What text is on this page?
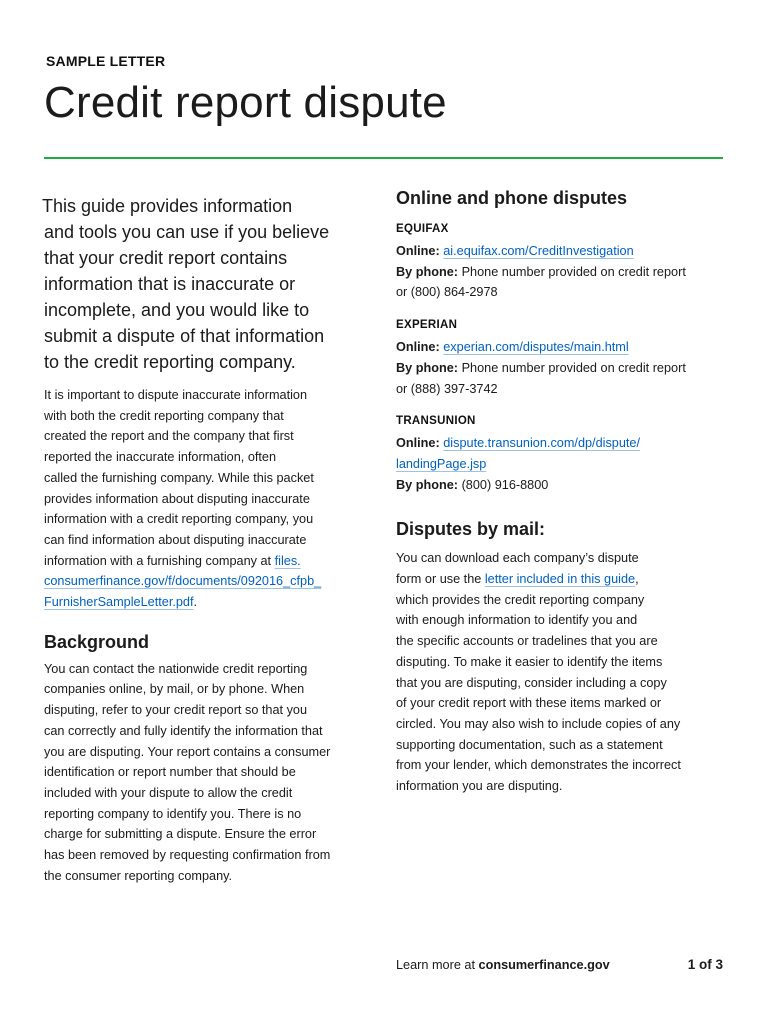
SAMPLE LETTER
Credit report dispute

This guide provides information
and tools you can use if you believe
that your credit report contains
information that is inaccurate or
incomplete, and you would like to
submit a dispute of that information
to the credit reporting company.

It is important to dispute inaccurate information
with both the credit reporting company that
created the report and the company that first
reported the inaccurate information, often
called the furnishing company. While this packet
provides information about disputing inaccurate
information with a credit reporting company, you
can find information about disputing inaccurate
information with a furnishing company at files.
consumerfinance.gov/f/documents/092016_cfpb_
FurnisherSampleLetter.pdf.

Background

You can contact the nationwide credit reporting
companies online, by mail, or by phone. When
disputing, refer to your credit report so that you
can correctly and fully identify the information that
you are disputing. Your report contains a consumer
identification or report number that should be
included with your dispute to allow the credit
reporting company to identify you. There is no
charge for submitting a dispute. Ensure the error
has been removed by requesting confirmation from
the consumer reporting company.

Online and phone disputes

EQUIFAX

Online: ai.equifax.com/CreditInvestigation

By phone: Phone number provided on credit report

or (800) 864-2978

EXPERIAN

Online: experian.com/disputes/main.html

By phone: Phone number provided on credit report

or (888) 397-3742

TRANSUNION

Online: dispute.transunion.com/dp/dispute/

landingPage.jsp

By phone: (800) 916-8800

Disputes by mail:

You can download each company’s dispute
form or use the letter included in this guide,
which provides the credit reporting company
with enough information to identify you and
the specific accounts or tradelines that you are
disputing. To make it easier to identify the items
that you are disputing, consider including a copy
of your credit report with these items marked or
circled. You may also wish to include copies of any
supporting documentation, such as a statement
from your lender, which demonstrates the incorrect
information you are disputing.

Learn more at consumerfinance.gov	1 of 3
